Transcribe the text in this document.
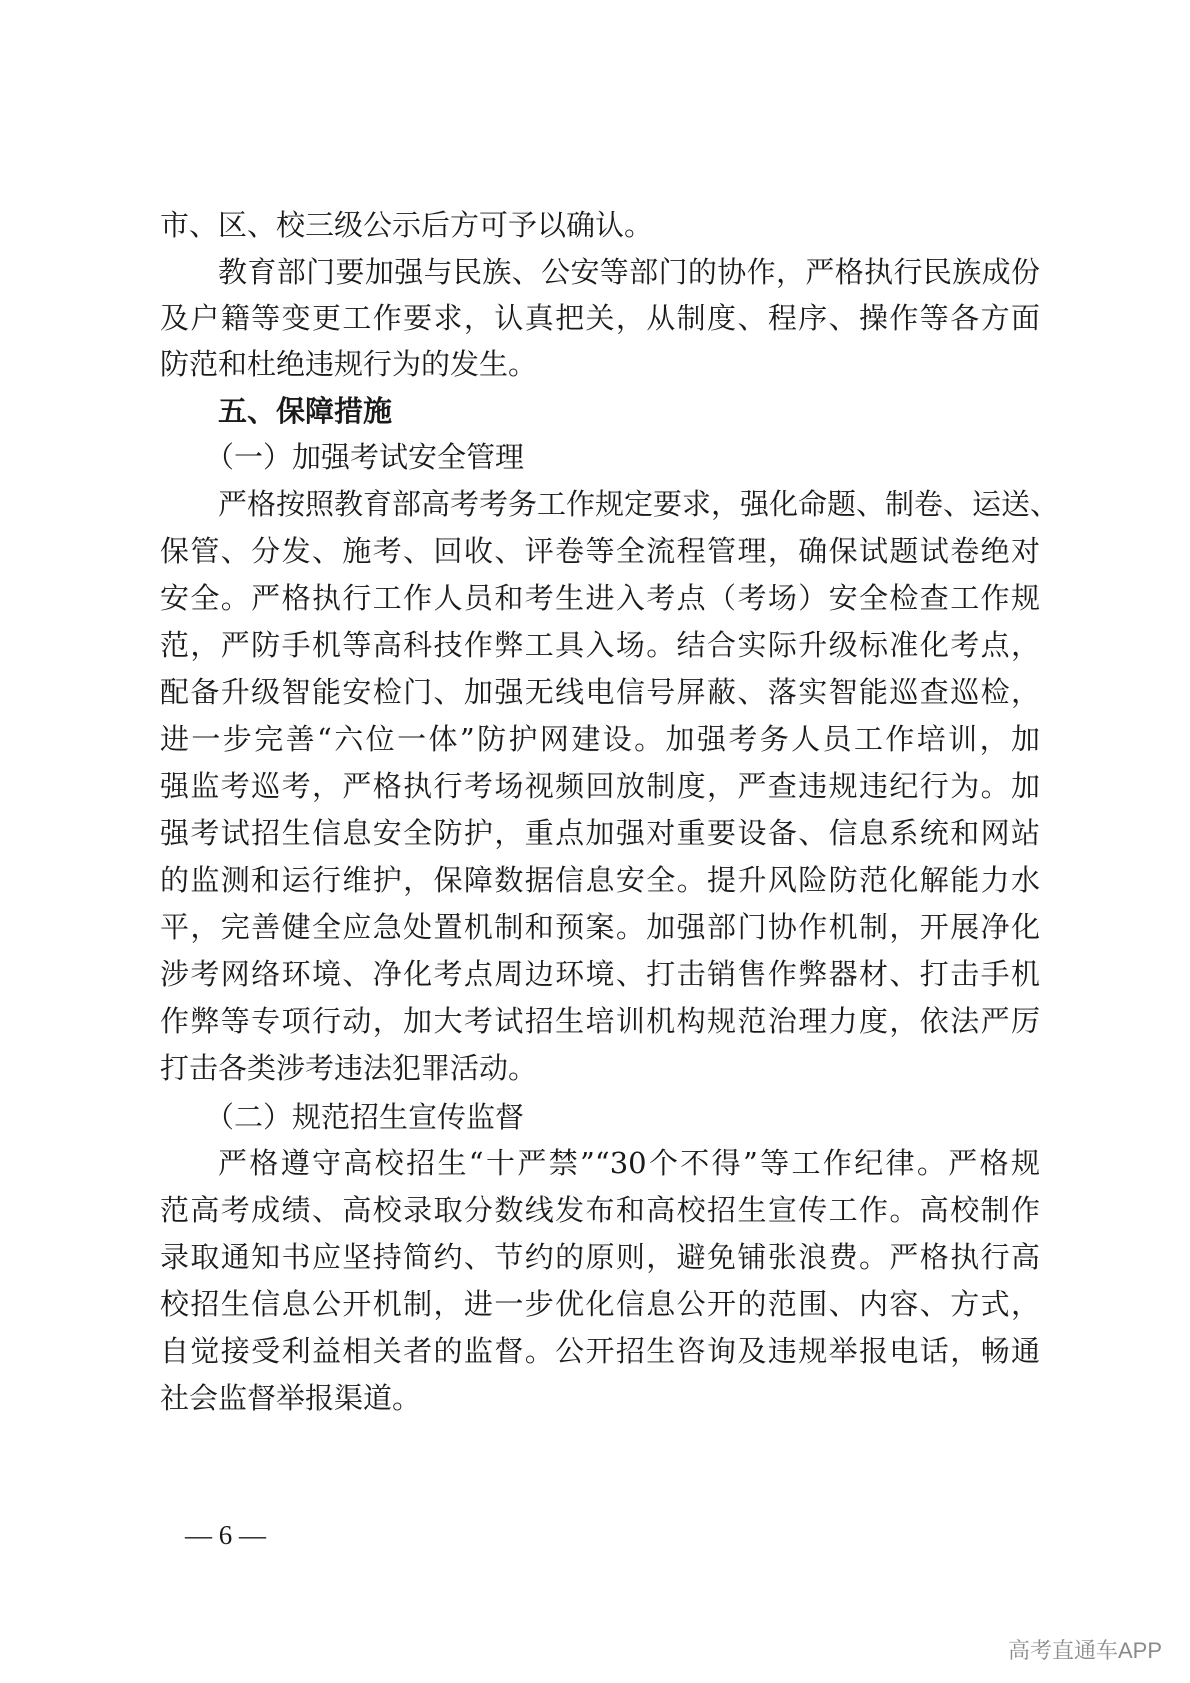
市、区、校三级公示后方可予以确认。
教育部门要加强与民族、公安等部门的协作，严格执行民族成份
及户籍等变更工作要求，认真把关，从制度、程序、操作等各方面
防范和杜绝违规行为的发生。
五、保障措施
（一）加强考试安全管理
严格按照教育部高考考务工作规定要求，强化命题、制卷、运送、
保管、分发、施考、回收、评卷等全流程管理，确保试题试卷绝对
安全。严格执行工作人员和考生进入考点（考场）安全检查工作规
范，严防手机等高科技作弊工具入场。结合实际升级标准化考点，
配备升级智能安检门、加强无线电信号屏蔽、落实智能巡查巡检，
进一步完善“六位一体”防护网建设。加强考务人员工作培训，加
强监考巡考，严格执行考场视频回放制度，严查违规违纪行为。加
强考试招生信息安全防护，重点加强对重要设备、信息系统和网站
的监测和运行维护，保障数据信息安全。提升风险防范化解能力水
平，完善健全应急处置机制和预案。加强部门协作机制，开展净化
涉考网络环境、净化考点周边环境、打击销售作弊器材、打击手机
作弊等专项行动，加大考试招生培训机构规范治理力度，依法严厉
打击各类涉考违法犯罪活动。
（二）规范招生宣传监督
严格遵守高校招生“十严禁”“30个不得”等工作纪律。严格规
范高考成绩、高校录取分数线发布和高校招生宣传工作。高校制作
录取通知书应坚持简约、节约的原则，避免铺张浪费。严格执行高
校招生信息公开机制，进一步优化信息公开的范围、内容、方式，
自觉接受利益相关者的监督。公开招生咨询及违规举报电话，畅通
社会监督举报渠道。
— 6 —
高考直通车APP
